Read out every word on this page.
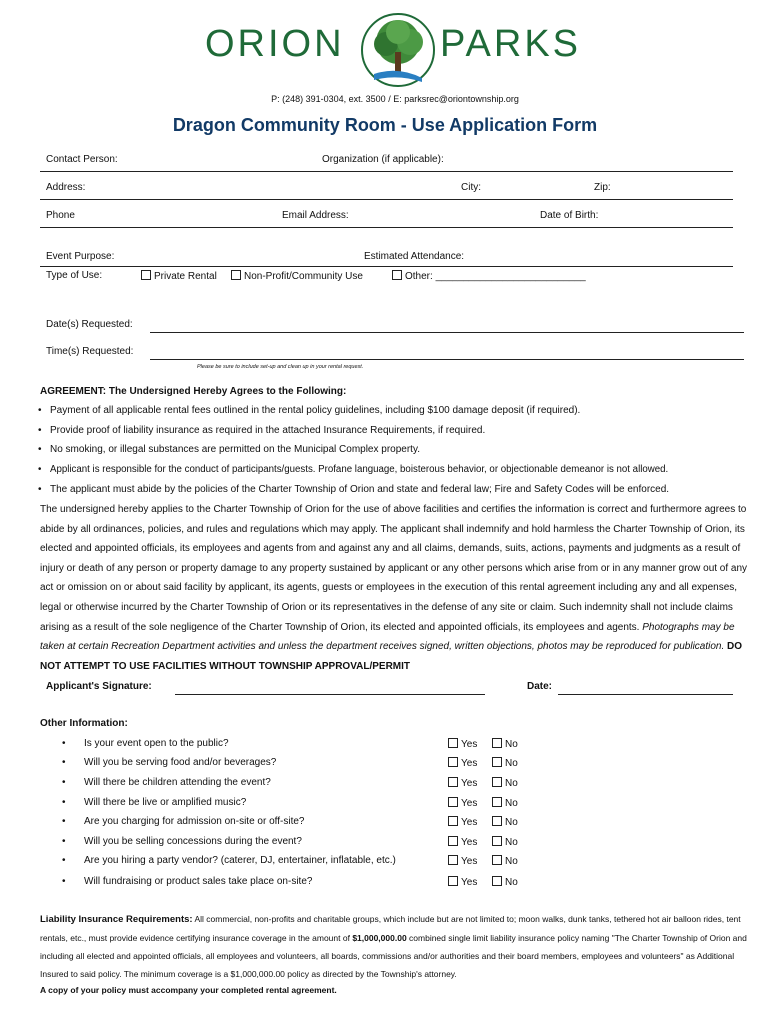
ORION	PARKS
P: (248) 391-0304, ext. 3500 / E: parksrec@oriontownship.org
Dragon Community Room - Use Application Form
Contact Person:	Organization (if applicable):
Address:	City:	Zip:
Phone	Email Address:	Date of Birth:
Event Purpose:	Estimated Attendance:
Type of Use:	Private Rental	Non-Profit/Community Use	Other: ___________________________
Date(s) Requested:
Time(s) Requested:
Please be sure to include set-up and clean up in your rental request.
AGREEMENT: The Undersigned Hereby Agrees to the Following:
• Payment of all applicable rental fees outlined in the rental policy guidelines, including $100 damage deposit (if required).
• Provide proof of liability insurance as required in the attached Insurance Requirements, if required.
• No smoking, or illegal substances are permitted on the Municipal Complex property.
• Applicant is responsible for the conduct of participants/guests. Profane language, boisterous behavior, or objectionable demeanor is not allowed.
• The applicant must abide by the policies of the Charter Township of Orion and state and federal law; Fire and Safety Codes will be enforced.
The undersigned hereby applies to the Charter Township of Orion for the use of above facilities and certifies the information is correct and furthermore agrees to abide by all ordinances, policies, and rules and regulations which may apply. The applicant shall indemnify and hold harmless the Charter Township of Orion, its elected and appointed officials, its employees and agents from and against any and all claims, demands, suits, actions, payments and judgments as a result of injury or death of any person or property damage to any property sustained by applicant or any other persons which arise from or in any manner grow out of any act or omission on or about said facility by applicant, its agents, guests or employees in the execution of this rental agreement including any and all expenses, legal or otherwise incurred by the Charter Township of Orion or its representatives in the defense of any site or claim. Such indemnity shall not include claims arising as a result of the sole negligence of the Charter Township of Orion, its elected and appointed officials, its employees and agents. Photographs may be taken at certain Recreation Department activities and unless the department receives signed, written objections, photos may be reproduced for publication. DO NOT ATTEMPT TO USE FACILITIES WITHOUT TOWNSHIP APPROVAL/PERMIT
Applicant's Signature:	Date:
Other Information:
• Is your event open to the public?	Yes	No
• Will you be serving food and/or beverages?	Yes	No
• Will there be children attending the event?	Yes	No
• Will there be live or amplified music?	Yes	No
• Are you charging for admission on-site or off-site?	Yes	No
• Will you be selling concessions during the event?	Yes	No
• Are you hiring a party vendor? (caterer, DJ, entertainer, inflatable, etc.)	Yes	No
• Will fundraising or product sales take place on-site?	Yes	No
Liability Insurance Requirements: All commercial, non-profits and charitable groups, which include but are not limited to; moon walks, dunk tanks, tethered hot air balloon rides, tent rentals, etc., must provide evidence certifying insurance coverage in the amount of $1,000,000.00 combined single limit liability insurance policy naming "The Charter Township of Orion and including all elected and appointed officials, all employees and volunteers, all boards, commissions and/or authorities and their board members, employees and volunteers" as Additional Insured to said policy. The minimum coverage is a $1,000,000.00 policy as directed by the Township's attorney.
A copy of your policy must accompany your completed rental agreement.
